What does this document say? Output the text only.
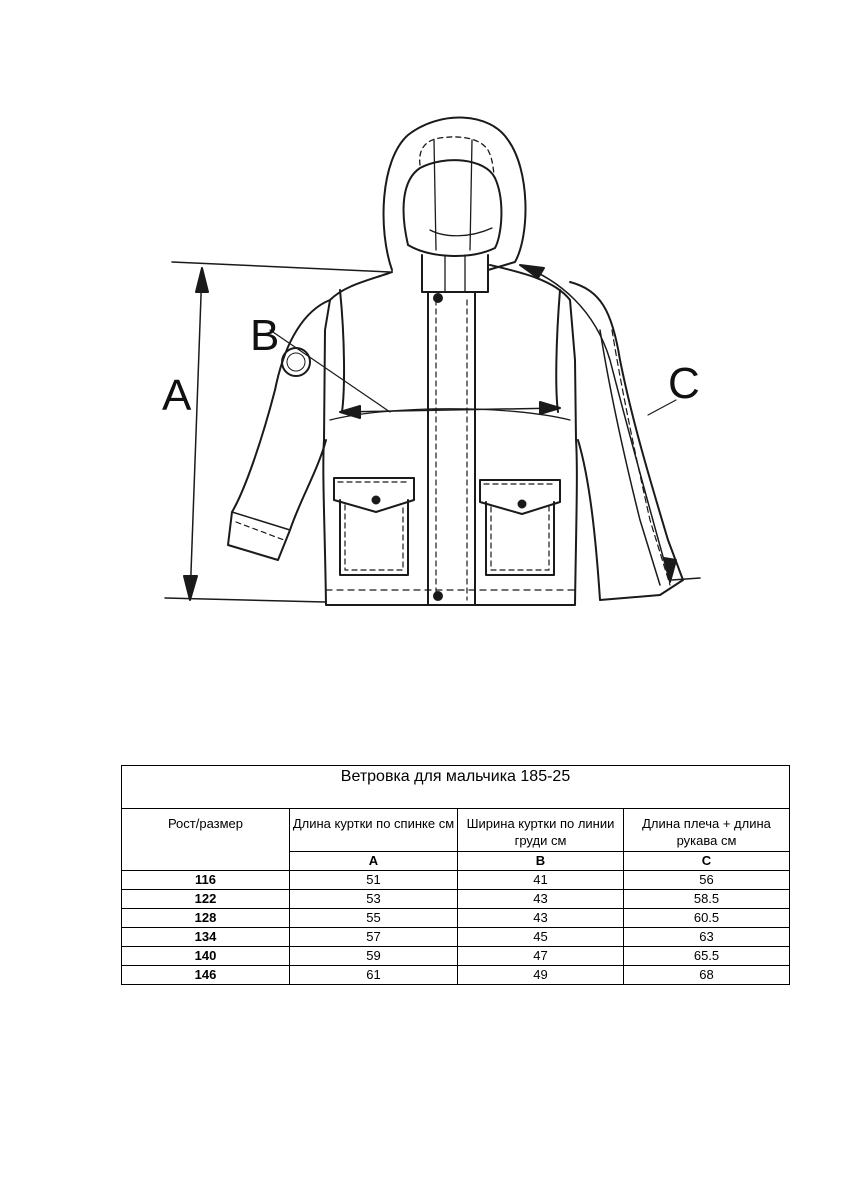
A
B
C
Ветровка для мальчика 185-25			
Рост/размер	Длина куртки по спинке см	Ширина куртки по линии груди см	Длина плеча + длина рукава см
	A	B	C
116	51	41	56
122	53	43	58.5
128	55	43	60.5
134	57	45	63
140	59	47	65.5
146	61	49	68
